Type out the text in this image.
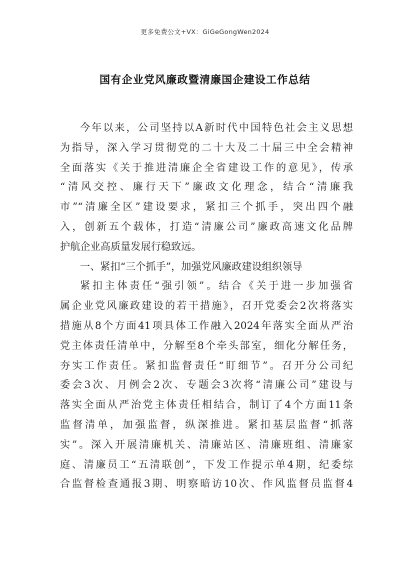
更多免费公文+VX：GiGeGongWen2024
国有企业党风廉政暨清廉国企建设工作总结
今年以来，公司坚持以A新时代中国特色社会主义思想
为指导，深入学习贯彻党的二十大及二十届三中全会精神
全面落实《关于推进清廉企全省建设工作的意见》，传承
“清风交控、廉行天下”廉政文化理念，结合“清廉我
市”“清廉全区”建设要求，紧扣三个抓手，突出四个融
入，创新五个载体，打造“清廉公司”廉政高速文化品牌
护航企业高质量发展行稳致远。
一、紧扣“三个抓手”，加强党风廉政建设组织领导
紧扣主体责任“强引领”。结合《关于进一步加强省
属企业党风廉政建设的若干措施》，召开党委会2次将落实
措施从8个方面41项具体工作融入2024年落实全面从严治
党主体责任清单中，分解至8个牵头部室，细化分解任务，
夯实工作责任。紧扣监督责任“盯细节”。召开分公司纪
委会3次、月例会2次、专题会3次将“清廉公司”建设与
落实全面从严治党主体责任相结合，制订了4个方面11条
监督清单，加强监督，纵深推进。紧扣基层监督“抓落
实”。深入开展清廉机关、清廉站区、清廉班组、清廉家
庭、清廉员工“五清联创”，下发工作提示单4期，纪委综
合监督检查通报3期、明察暗访10次、作风监督员监督4
